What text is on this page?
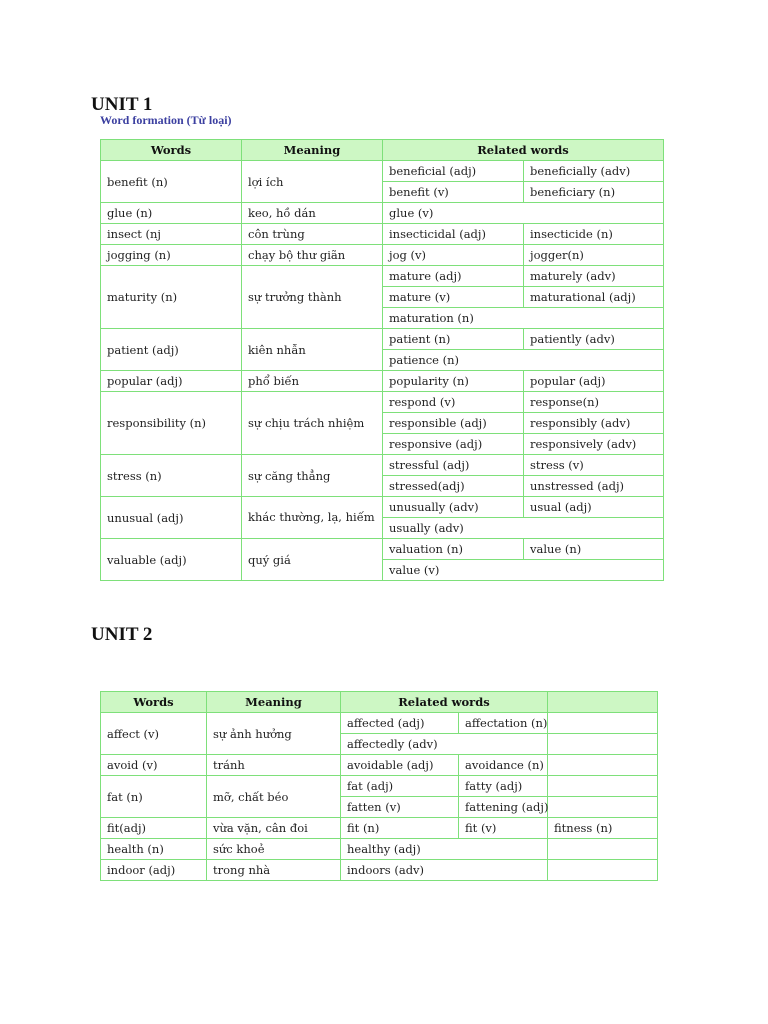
UNIT 1
Word formation (Từ loại)
Words	Meaning	Related words	
benefit (n)	lợi ích	beneficial (adj)	beneficially (adv)
		benefit (v)	beneficiary (n)
glue (n)	keo, hồ dán	glue (v)	
insect (nj	côn trùng	insecticidal (adj)	insecticide (n)
jogging (n)	chạy bộ thư giãn	jog (v)	jogger(n)
maturity (n)	sự trưởng thành	mature (adj)	maturely (adv)
		mature (v)	maturational (adj)
		maturation (n)	
patient (adj)	kiên nhẫn	patient (n)	patiently (adv)
		patience (n)	
popular (adj)	phổ biến	popularity (n)	popular (adj)
responsibility (n)	sự chịu trách nhiệm	respond (v)	response(n)
		responsible (adj)	responsibly (adv)
		responsive (adj)	responsively (adv)
stress (n)	sự căng thẳng	stressful (adj)	stress (v)
		stressed(adj)	unstressed (adj)
unusual (adj)	khác thường, lạ, hiếm	unusually (adv)	usual (adj)
		usually (adv)	
valuable (adj)	quý giá	valuation (n)	value (n)
		value (v)	
UNIT 2
Words	Meaning	Related words		
affect (v)	sự ảnh hưởng	affected (adj)	affectation (n)	
		affectedly (adv)		
avoid (v)	tránh	avoidable (adj)	avoidance (n)	
fat (n)	mỡ, chất béo	fat (adj)	fatty (adj)	
		fatten (v)	fattening (adj)	
fit(adj)	vừa vặn, cân đoi	fit (n)	fit (v)	fitness (n)
health (n)	sức khoẻ	healthy (adj)		
indoor (adj)	trong nhà	indoors (adv)		
